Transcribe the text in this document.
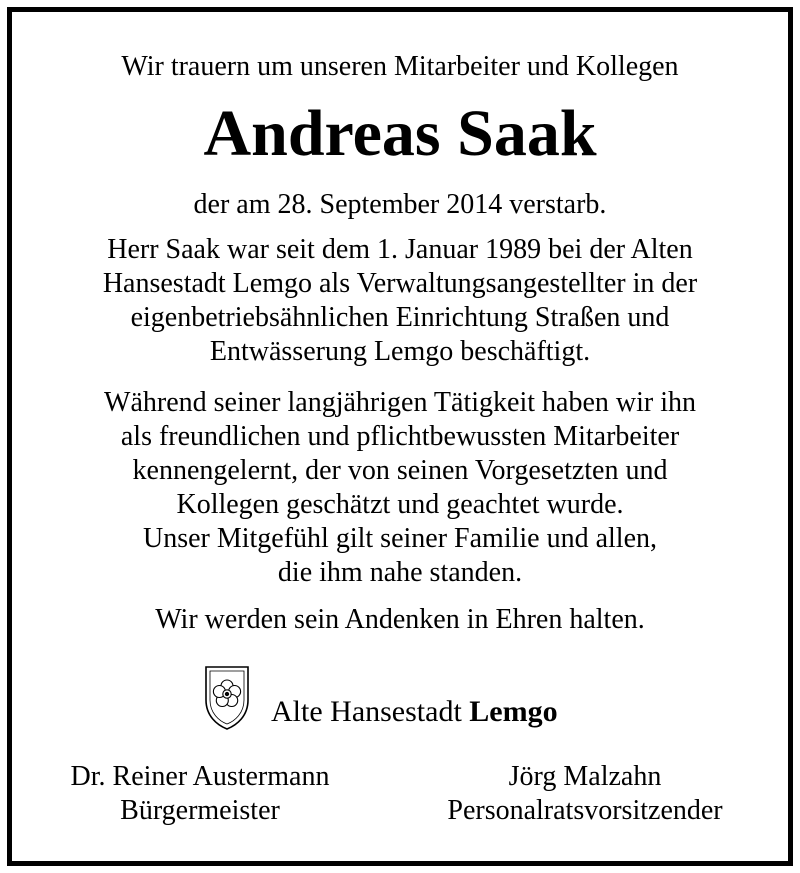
Wir trauern um unseren Mitarbeiter und Kollegen
Andreas Saak
der am 28. September 2014 verstarb.
Herr Saak war seit dem 1. Januar 1989 bei der Alten
Hansestadt Lemgo als Verwaltungsangestellter in der
eigenbetriebsähnlichen Einrichtung Straßen und
Entwässerung Lemgo beschäftigt.
Während seiner langjährigen Tätigkeit haben wir ihn
als freundlichen und pflichtbewussten Mitarbeiter
kennengelernt, der von seinen Vorgesetzten und
Kollegen geschätzt und geachtet wurde.
Unser Mitgefühl gilt seiner Familie und allen,
die ihm nahe standen.
Wir werden sein Andenken in Ehren halten.
Alte Hansestadt Lemgo
Dr. Reiner Austermann
Bürgermeister
Jörg Malzahn
Personalratsvorsitzender
